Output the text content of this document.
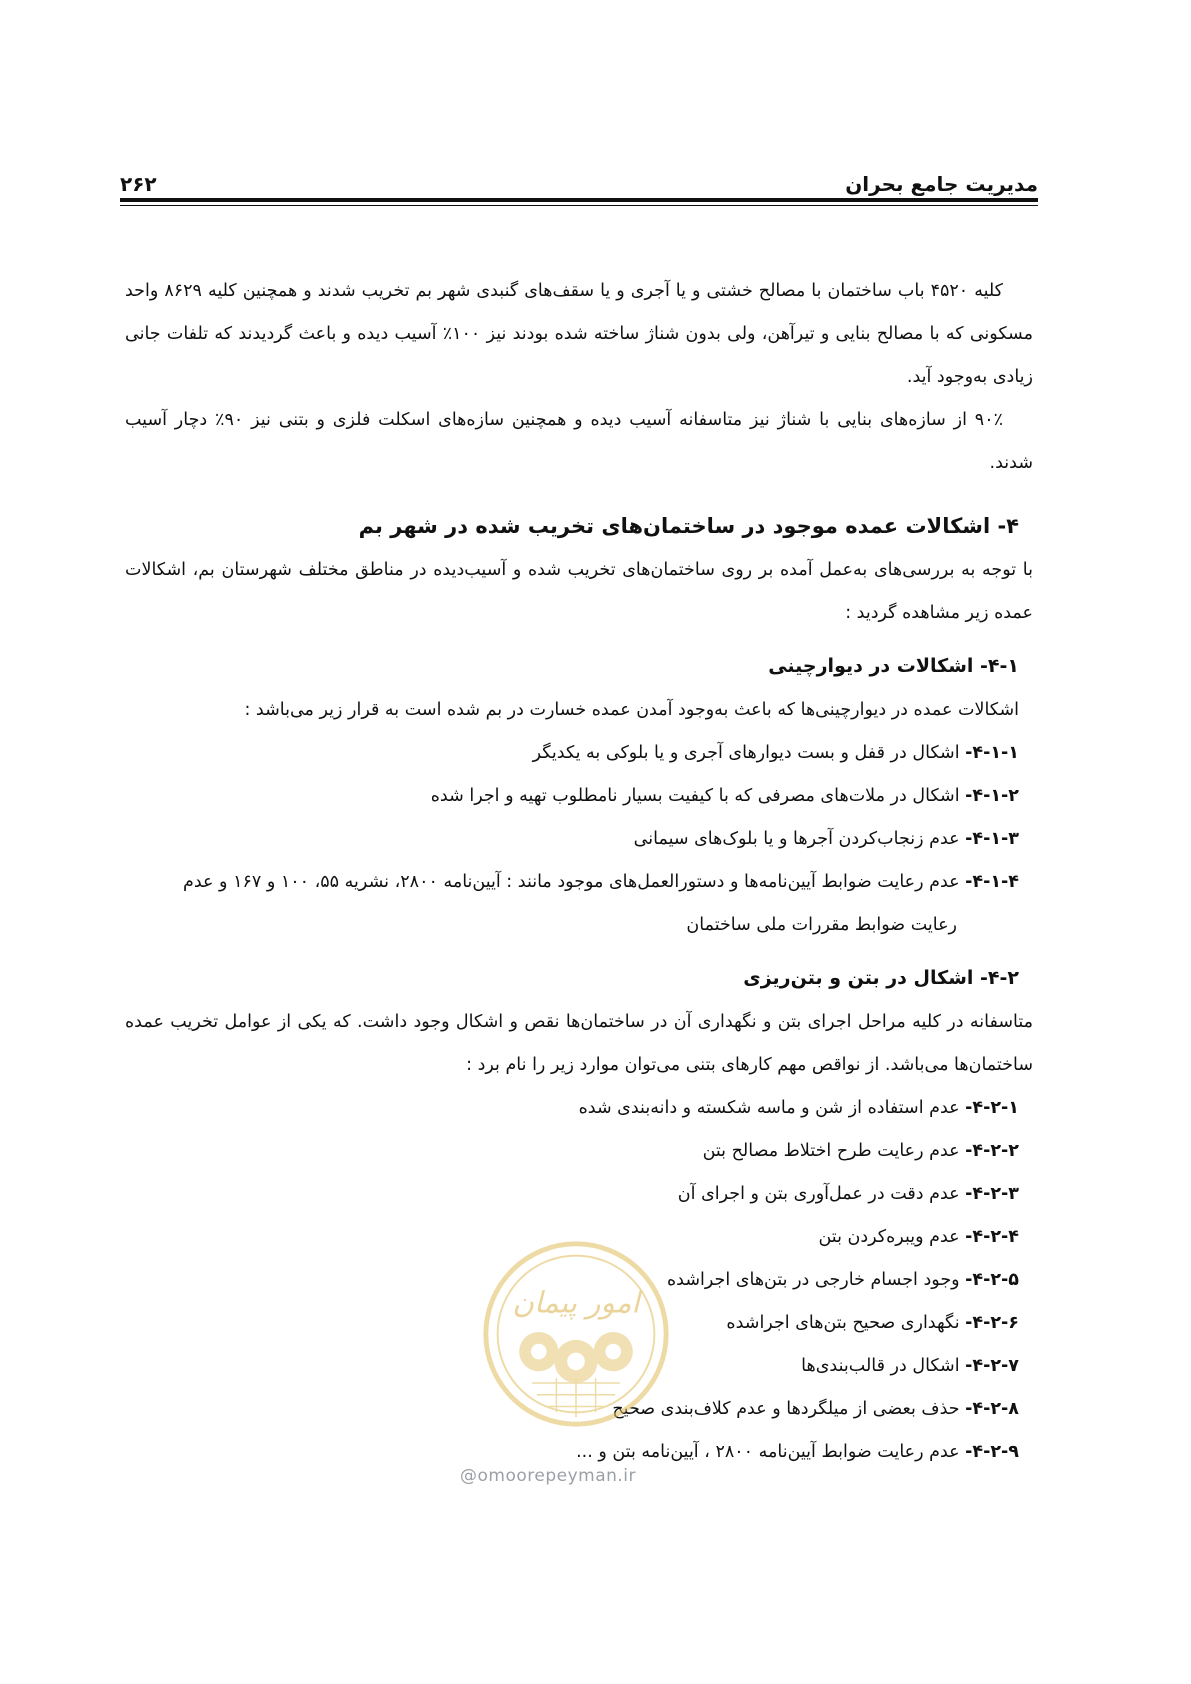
۲۶۲	مدیریت جامع بحران

کلیه ۴۵۲۰ باب ساختمان با مصالح خشتی و یا آجری و یا سقف‌های گنبدی شهر بم تخریب شدند و همچنین کلیه ۸۶۲۹ واحد مسکونی که با مصالح بنایی و تیرآهن، ولی بدون شناژ ساخته شده بودند نیز ۱۰۰٪ آسیب دیده و باعث گردیدند که تلفات جانی زیادی به‌وجود آید.

۹۰٪ از سازه‌های بنایی با شناژ نیز متاسفانه آسیب دیده و همچنین سازه‌های اسکلت فلزی و بتنی نیز ۹۰٪ دچار آسیب شدند.

۴- اشکالات عمده موجود در ساختمان‌های تخریب شده در شهر بم

با توجه به بررسی‌های به‌عمل آمده بر روی ساختمان‌های تخریب شده و آسیب‌دیده در مناطق مختلف شهرستان بم، اشکالات عمده زیر مشاهده گردید :

۴-۱- اشکالات در دیوارچینی

اشکالات عمده در دیوارچینی‌ها که باعث به‌وجود آمدن عمده خسارت در بم شده است به قرار زیر می‌باشد :

۴-۱-۱- اشکال در قفل و بست دیوارهای آجری و یا بلوکی به یکدیگر

۴-۱-۲- اشکال در ملات‌های مصرفی که با کیفیت بسیار نامطلوب تهیه و اجرا شده

۴-۱-۳- عدم زنجاب‌کردن آجرها و یا بلوک‌های سیمانی

۴-۱-۴- عدم رعایت ضوابط آیین‌نامه‌ها و دستورالعمل‌های موجود مانند : آیین‌نامه ۲۸۰۰، نشریه ۵۵، ۱۰۰ و ۱۶۷ و عدم
رعایت ضوابط مقررات ملی ساختمان

۴-۲- اشکال در بتن و بتن‌ریزی

متاسفانه در کلیه مراحل اجرای بتن و نگهداری آن در ساختمان‌ها نقص و اشکال وجود داشت. که یکی از عوامل تخریب عمده ساختمان‌ها می‌باشد. از نواقص مهم کارهای بتنی می‌توان موارد زیر را نام برد :

۴-۲-۱- عدم استفاده از شن و ماسه شکسته و دانه‌بندی شده

۴-۲-۲- عدم رعایت طرح اختلاط مصالح بتن

۴-۲-۳- عدم دقت در عمل‌آوری بتن و اجرای آن

۴-۲-۴- عدم ویبره‌کردن بتن

۴-۲-۵- وجود اجسام خارجی در بتن‌های اجراشده

۴-۲-۶- نگهداری صحیح بتن‌های اجراشده

۴-۲-۷- اشکال در قالب‌بندی‌ها

۴-۲-۸- حذف بعضی از میلگردها و عدم کلاف‌بندی صحیح

۴-۲-۹- عدم رعایت ضوابط آیین‌نامه ۲۸۰۰ ، آیین‌نامه بتن و ...

امور پیمان
@omoorepeyman.ir
